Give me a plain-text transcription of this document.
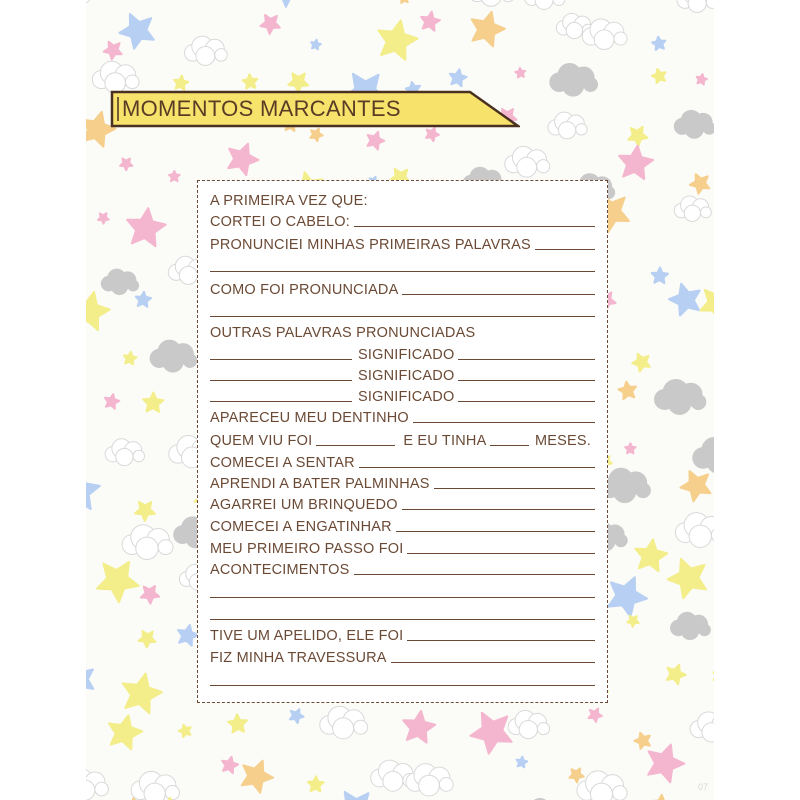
07
MOMENTOS MARCANTES
A PRIMEIRA VEZ QUE:
CORTEI O CABELO:
PRONUNCIEI MINHAS PRIMEIRAS PALAVRAS
COMO FOI PRONUNCIADA
OUTRAS PALAVRAS PRONUNCIADAS
SIGNIFICADO
SIGNIFICADO
SIGNIFICADO
APARECEU MEU DENTINHO
QUEM VIU FOI	E EU TINHA	MESES.
COMECEI A SENTAR
APRENDI A BATER PALMINHAS
AGARREI UM BRINQUEDO
COMECEI A ENGATINHAR
MEU PRIMEIRO PASSO FOI
ACONTECIMENTOS
TIVE UM APELIDO, ELE FOI
FIZ MINHA TRAVESSURA
